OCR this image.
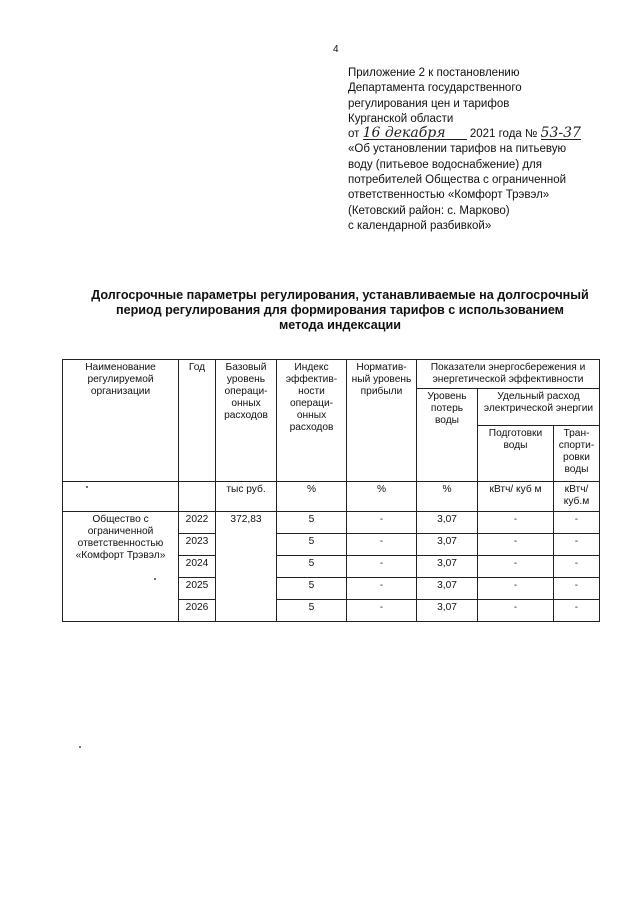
4
Приложение 2 к постановлению
Департамента государственного
регулирования цен и тарифов
Курганской области
от 16 декабря 2021 года № 53-37
«Об установлении тарифов на питьевую
воду (питьевое водоснабжение) для
потребителей Общества с ограниченной
ответственностью «Комфорт Трэвэл»
(Кетовский район: с. Марково)
с календарной разбивкой»
Долгосрочные параметры регулирования, устанавливаемые на долгосрочный
период регулирования для формирования тарифов с использованием
метода индексации
Наименование регулируемой организации	Год	Базовый уровень операци-онных расходов	Индекс эффектив-ности операци-онных расходов	Норматив-ный уровень прибыли	Показатели энергосбережения и энергетической эффективности		
					Уровень потерь воды	Удельный расход электрической энергии	
						Подготовки воды	Тран-спорти-ровки воды
		тыс руб.	%	%	%	кВтч/ куб м	кВтч/ куб.м
Общество с ограниченной ответственностью «Комфорт Трэвэл»	2022	372,83	5	-	3,07	-	-
	2023		5	-	3,07	-	-
	2024		5	-	3,07	-	-
	2025		5	-	3,07	-	-
	2026		5	-	3,07	-	-
